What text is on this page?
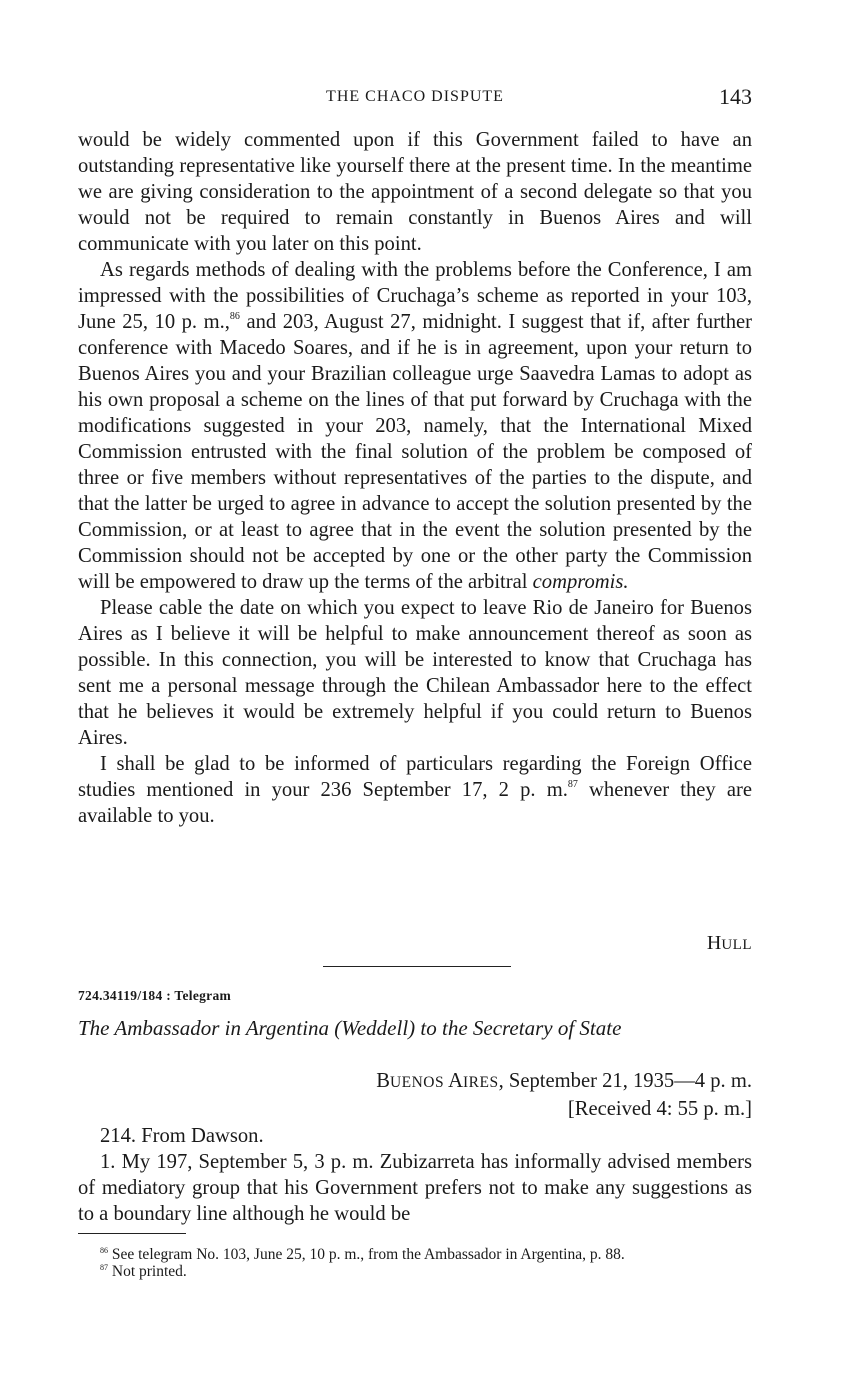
THE CHACO DISPUTE	143

would be widely commented upon if this Government failed to have an outstanding representative like yourself there at the present time. In the meantime we are giving consideration to the appointment of a second delegate so that you would not be required to remain constantly in Buenos Aires and will communicate with you later on this point.

As regards methods of dealing with the problems before the Conference, I am impressed with the possibilities of Cruchaga’s scheme as reported in your 103, June 25, 10 p. m.,$^{86}$ and 203, August 27, midnight. I suggest that if, after further conference with Macedo Soares, and if he is in agreement, upon your return to Buenos Aires you and your Brazilian colleague urge Saavedra Lamas to adopt as his own proposal a scheme on the lines of that put forward by Cruchaga with the modifications suggested in your 203, namely, that the International Mixed Commission entrusted with the final solution of the problem be composed of three or five members without representatives of the parties to the dispute, and that the latter be urged to agree in advance to accept the solution presented by the Commission, or at least to agree that in the event the solution presented by the Commission should not be accepted by one or the other party the Commission will be empowered to draw up the terms of the arbitral compromis.

Please cable the date on which you expect to leave Rio de Janeiro for Buenos Aires as I believe it will be helpful to make announcement thereof as soon as possible. In this connection, you will be interested to know that Cruchaga has sent me a personal message through the Chilean Ambassador here to the effect that he believes it would be extremely helpful if you could return to Buenos Aires.

I shall be glad to be informed of particulars regarding the Foreign Office studies mentioned in your 236 September 17, 2 p. m.$^{87}$ whenever they are available to you.

HULL
724.34119/184 : Telegram
The Ambassador in Argentina (Weddell) to the Secretary of State
BUENOS AIRES, September 21, 1935—4 p. m.
[Received 4: 55 p. m.]

214. From Dawson.

1. My 197, September 5, 3 p. m. Zubizarreta has informally advised members of mediatory group that his Government prefers not to make any suggestions as to a boundary line although he would be

$^{86}$ See telegram No. 103, June 25, 10 p. m., from the Ambassador in Argentina, p. 88.

$^{87}$ Not printed.
